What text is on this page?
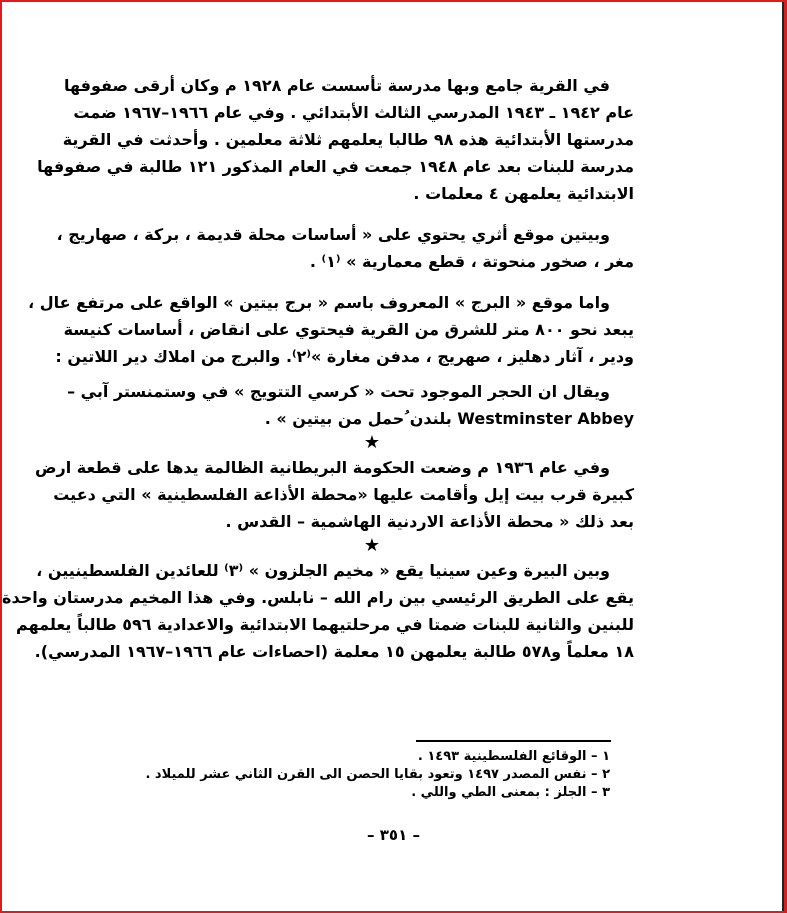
في القرية جامع وبها مدرسة تأسست عام ١٩٢٨ م وكان أرقى صفوفها
عام ١٩٤٢ ـ ١٩٤٣ المدرسي الثالث الأبتدائي . وفي عام ١٩٦٦–١٩٦٧ ضمت
مدرستها الأبتدائية هذه ٩٨ طالبا يعلمهم ثلاثة معلمين . وأحدثت في القرية
مدرسة للبنات بعد عام ١٩٤٨ جمعت في العام المذكور ١٢١ طالبة في صفوفها
الابتدائية يعلمهن ٤ معلمات .
وبيتين موقع أثري يحتوي على « أساسات محلة قديمة ، بركة ، صهاريج ،
مغر ، صخور منحوتة ، قطع معمارية » ⁽١⁾ .
واما موقع « البرج » المعروف باسم « برج بيتين » الواقع على مرتفع عال ،
يبعد نحو ٨٠٠ متر للشرق من القرية فيحتوي على انقاض ، أساسات كنيسة
ودير ، آثار دهليز ، صهريج ، مدفن مغارة »⁽٢⁾. والبرج من املاك دير اللاتين :
ويقال ان الحجر الموجود تحت « كرسي التتويج » في وستمنستر آبي –
Westminster Abbey بلندن ُحمل من بيتين » .

★

وفي عام ١٩٣٦ م وضعت الحكومة البريطانية الظالمة يدها على قطعة ارض
كبيرة قرب بيت إيل وأقامت عليها «محطة الأذاعة الفلسطينية » التي دعيت
بعد ذلك « محطة الأذاعة الاردنية الهاشمية – القدس .

★

وبين البيرة وعين سينيا يقع « مخيم الجلزون » ⁽٣⁾ للعائدين الفلسطينيين ،
يقع على الطريق الرئيسي بين رام الله – نابلس. وفي هذا المخيم مدرستان واحدة
للبنين والثانية للبنات ضمتا في مرحلتيهما الابتدائية والاعدادية ٥٩٦ طالباً يعلمهم
١٨ معلماً و٥٧٨ طالبة يعلمهن ١٥ معلمة (احصاءات عام ١٩٦٦–١٩٦٧ المدرسي).
١ – الوقائع الفلسطينية ١٤٩٣ .
٢ – نفس المصدر ١٤٩٧ وتعود بقايا الحصن الى القرن الثاني عشر للميلاد .
٣ – الجلز : بمعنى الطي واللي .
– ٣٥١ –
